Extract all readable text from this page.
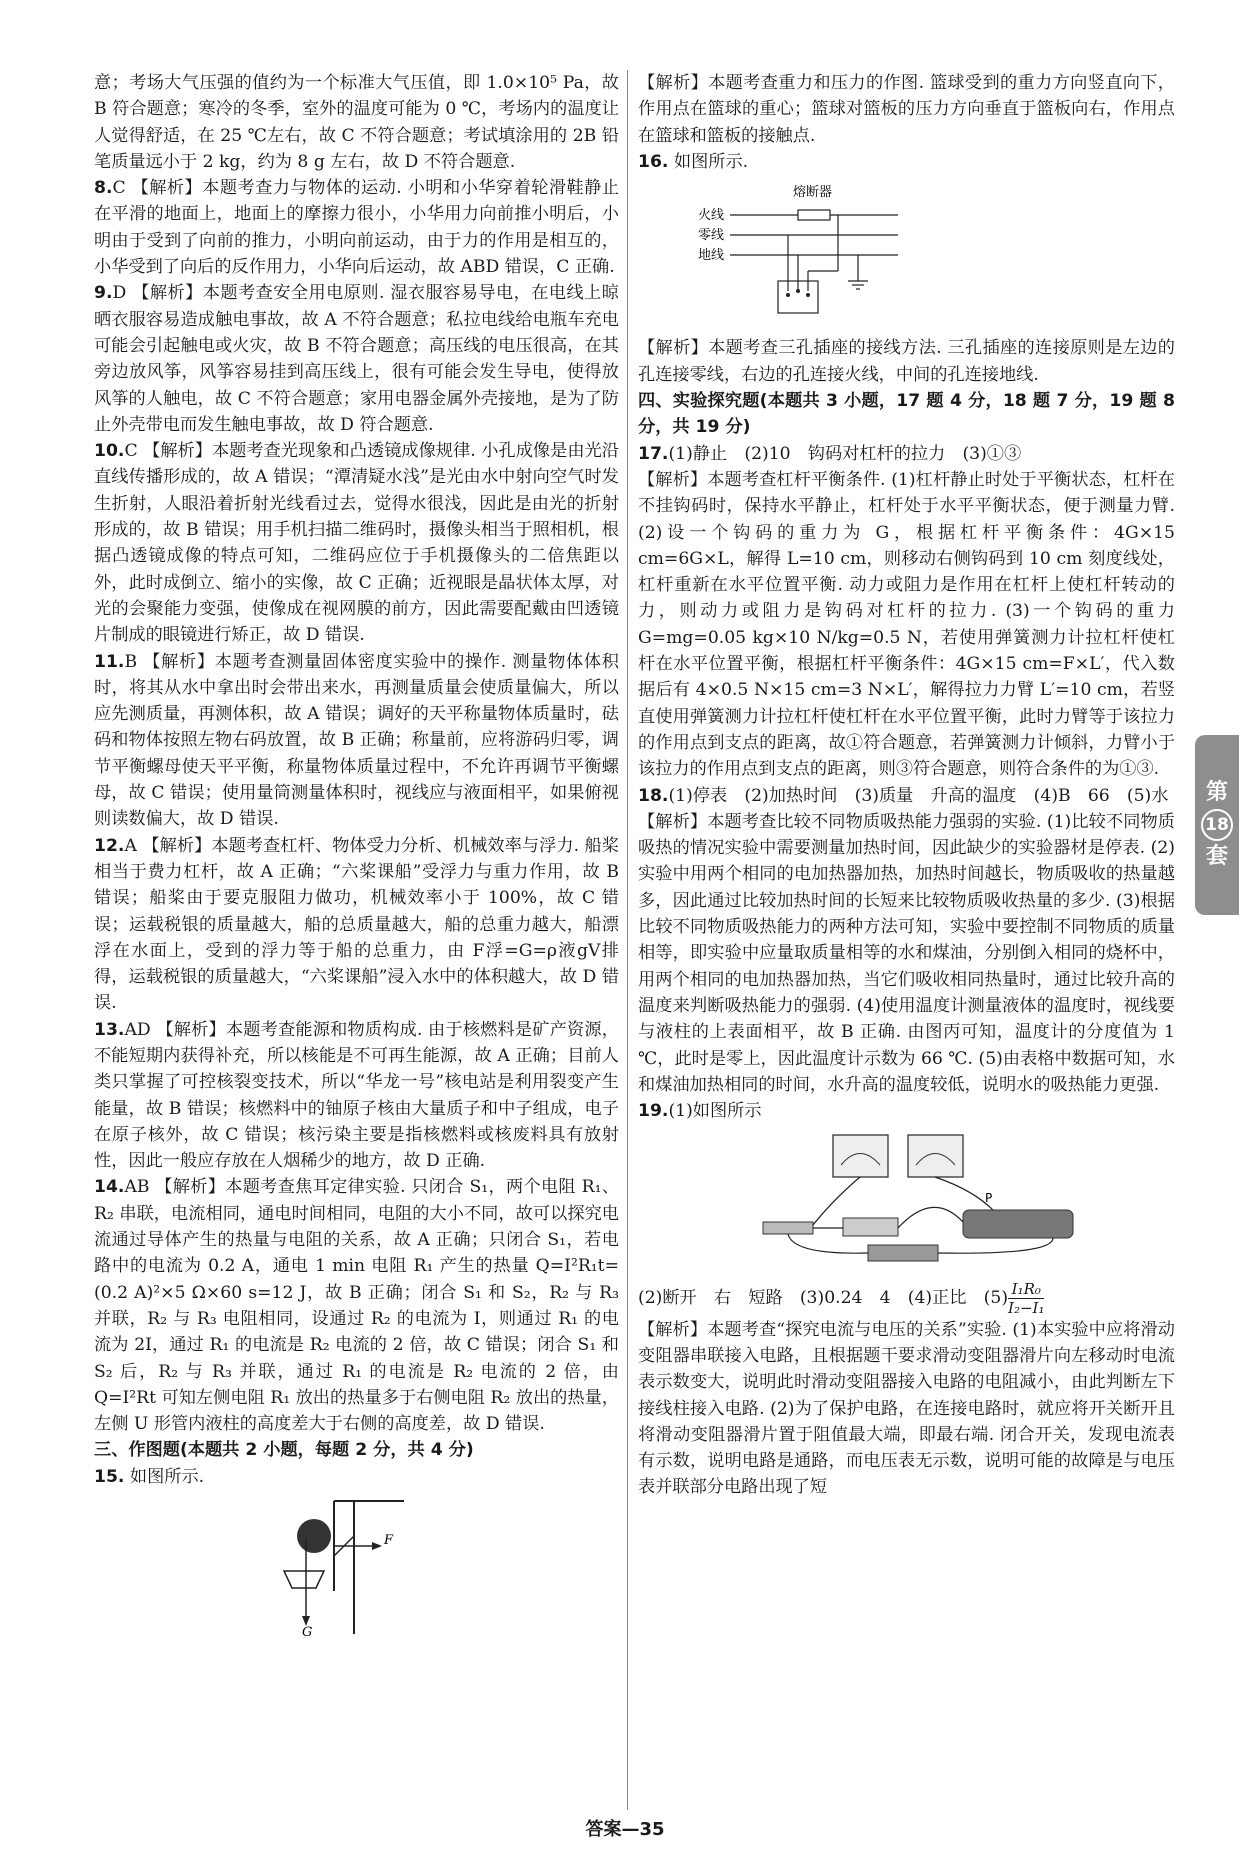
意；考场大气压强的值约为一个标准大气压值，即 1.0×10⁵ Pa，故 B 符合题意；寒冷的冬季，室外的温度可能为 0 ℃，考场内的温度让人觉得舒适，在 25 ℃左右，故 C 不符合题意；考试填涂用的 2B 铅笔质量远小于 2 kg，约为 8 g 左右，故 D 不符合题意.

8.C 【解析】本题考查力与物体的运动. 小明和小华穿着轮滑鞋静止在平滑的地面上，地面上的摩擦力很小，小华用力向前推小明后，小明由于受到了向前的推力，小明向前运动，由于力的作用是相互的，小华受到了向后的反作用力，小华向后运动，故 ABD 错误，C 正确.

9.D 【解析】本题考查安全用电原则. 湿衣服容易导电，在电线上晾晒衣服容易造成触电事故，故 A 不符合题意；私拉电线给电瓶车充电可能会引起触电或火灾，故 B 不符合题意；高压线的电压很高，在其旁边放风筝，风筝容易挂到高压线上，很有可能会发生导电，使得放风筝的人触电，故 C 不符合题意；家用电器金属外壳接地，是为了防止外壳带电而发生触电事故，故 D 符合题意.

10.C 【解析】本题考查光现象和凸透镜成像规律. 小孔成像是由光沿直线传播形成的，故 A 错误；“潭清疑水浅”是光由水中射向空气时发生折射，人眼沿着折射光线看过去，觉得水很浅，因此是由光的折射形成的，故 B 错误；用手机扫描二维码时，摄像头相当于照相机，根据凸透镜成像的特点可知，二维码应位于手机摄像头的二倍焦距以外，此时成倒立、缩小的实像，故 C 正确；近视眼是晶状体太厚，对光的会聚能力变强，使像成在视网膜的前方，因此需要配戴由凹透镜片制成的眼镜进行矫正，故 D 错误.

11.B 【解析】本题考查测量固体密度实验中的操作. 测量物体体积时，将其从水中拿出时会带出来水，再测量质量会使质量偏大，所以应先测质量，再测体积，故 A 错误；调好的天平称量物体质量时，砝码和物体按照左物右码放置，故 B 正确；称量前，应将游码归零，调节平衡螺母使天平平衡，称量物体质量过程中，不允许再调节平衡螺母，故 C 错误；使用量筒测量体积时，视线应与液面相平，如果俯视则读数偏大，故 D 错误.

12.A 【解析】本题考查杠杆、物体受力分析、机械效率与浮力. 船桨相当于费力杠杆，故 A 正确；“六桨课船”受浮力与重力作用，故 B 错误；船桨由于要克服阻力做功，机械效率小于 100%，故 C 错误；运载税银的质量越大，船的总质量越大，船的总重力越大，船漂浮在水面上，受到的浮力等于船的总重力，由 F浮=G=ρ液gV排 得，运载税银的质量越大，“六桨课船”浸入水中的体积越大，故 D 错误.

13.AD 【解析】本题考查能源和物质构成. 由于核燃料是矿产资源，不能短期内获得补充，所以核能是不可再生能源，故 A 正确；目前人类只掌握了可控核裂变技术，所以“华龙一号”核电站是利用裂变产生能量，故 B 错误；核燃料中的铀原子核由大量质子和中子组成，电子在原子核外，故 C 错误；核污染主要是指核燃料或核废料具有放射性，因此一般应存放在人烟稀少的地方，故 D 正确.

14.AB 【解析】本题考查焦耳定律实验. 只闭合 S₁，两个电阻 R₁、R₂ 串联，电流相同，通电时间相同，电阻的大小不同，故可以探究电流通过导体产生的热量与电阻的关系，故 A 正确；只闭合 S₁，若电路中的电流为 0.2 A，通电 1 min 电阻 R₁ 产生的热量 Q=I²R₁t=(0.2 A)²×5 Ω×60 s=12 J，故 B 正确；闭合 S₁ 和 S₂，R₂ 与 R₃ 并联，R₂ 与 R₃ 电阻相同，设通过 R₂ 的电流为 I，则通过 R₁ 的电流为 2I，通过 R₁ 的电流是 R₂ 电流的 2 倍，故 C 错误；闭合 S₁ 和 S₂ 后，R₂ 与 R₃ 并联，通过 R₁ 的电流是 R₂ 电流的 2 倍，由 Q=I²Rt 可知左侧电阻 R₁ 放出的热量多于右侧电阻 R₂ 放出的热量，左侧 U 形管内液柱的高度差大于右侧的高度差，故 D 错误.

三、作图题(本题共 2 小题，每题 2 分，共 4 分)

15. 如图所示.

F
G

【解析】本题考查重力和压力的作图. 篮球受到的重力方向竖直向下，作用点在篮球的重心；篮球对篮板的压力方向垂直于篮板向右，作用点在篮球和篮板的接触点.

16. 如图所示.

熔断器
火线
零线
地线

【解析】本题考查三孔插座的接线方法. 三孔插座的连接原则是左边的孔连接零线，右边的孔连接火线，中间的孔连接地线.

四、实验探究题(本题共 3 小题，17 题 4 分，18 题 7 分，19 题 8 分，共 19 分)

17.(1)静止　(2)10　钩码对杠杆的拉力　(3)①③

【解析】本题考查杠杆平衡条件. (1)杠杆静止时处于平衡状态，杠杆在不挂钩码时，保持水平静止，杠杆处于水平平衡状态，便于测量力臂. (2)设一个钩码的重力为 G，根据杠杆平衡条件：4G×15 cm=6G×L，解得 L=10 cm，则移动右侧钩码到 10 cm 刻度线处，杠杆重新在水平位置平衡. 动力或阻力是作用在杠杆上使杠杆转动的力，则动力或阻力是钩码对杠杆的拉力. (3)一个钩码的重力 G=mg=0.05 kg×10 N/kg=0.5 N，若使用弹簧测力计拉杠杆使杠杆在水平位置平衡，根据杠杆平衡条件：4G×15 cm=F×L′，代入数据后有 4×0.5 N×15 cm=3 N×L′，解得拉力力臂 L′=10 cm，若竖直使用弹簧测力计拉杠杆使杠杆在水平位置平衡，此时力臂等于该拉力的作用点到支点的距离，故①符合题意，若弹簧测力计倾斜，力臂小于该拉力的作用点到支点的距离，则③符合题意，则符合条件的为①③.

18.(1)停表　(2)加热时间　(3)质量　升高的温度　(4)B　66　(5)水

【解析】本题考查比较不同物质吸热能力强弱的实验. (1)比较不同物质吸热的情况实验中需要测量加热时间，因此缺少的实验器材是停表. (2)实验中用两个相同的电加热器加热，加热时间越长，物质吸收的热量越多，因此通过比较加热时间的长短来比较物质吸收热量的多少. (3)根据比较不同物质吸热能力的两种方法可知，实验中要控制不同物质的质量相等，即实验中应量取质量相等的水和煤油，分别倒入相同的烧杯中，用两个相同的电加热器加热，当它们吸收相同热量时，通过比较升高的温度来判断吸热能力的强弱. (4)使用温度计测量液体的温度时，视线要与液柱的上表面相平，故 B 正确. 由图丙可知，温度计的分度值为 1 ℃，此时是零上，因此温度计示数为 66 ℃. (5)由表格中数据可知，水和煤油加热相同的时间，水升高的温度较低，说明水的吸热能力更强.

19.(1)如图所示

P

(2)断开　右　短路　(3)0.24　4　(4)正比　$(5) \frac{\text{I₁R₀}}{\text{I₂−I₁}}$

【解析】本题考查“探究电流与电压的关系”实验. (1)本实验中应将滑动变阻器串联接入电路，且根据题干要求滑动变阻器滑片向左移动时电流表示数变大，说明此时滑动变阻器接入电路的电阻减小，由此判断左下接线柱接入电路. (2)为了保护电路，在连接电路时，就应将开关断开且将滑动变阻器滑片置于阻值最大端，即最右端. 闭合开关，发现电流表有示数，说明电路是通路，而电压表无示数，说明可能的故障是与电压表并联部分电路出现了短

第
18
套
答案—35
